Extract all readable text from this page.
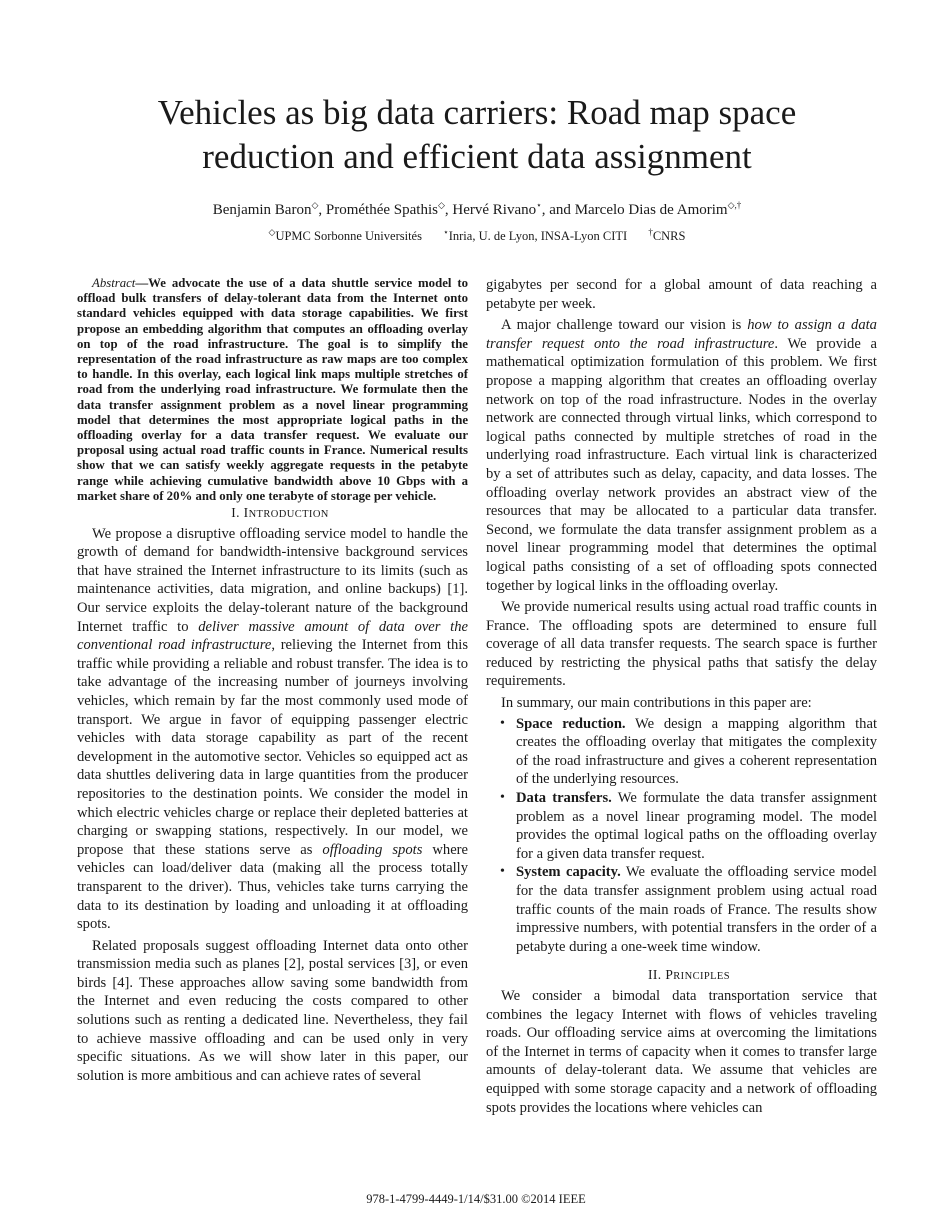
Vehicles as big data carriers: Road map space
reduction and efficient data assignment
Benjamin Baron◇, Prométhée Spathis◇, Hervé Rivano⋆, and Marcelo Dias de Amorim◇,†
◇UPMC Sorbonne Universités ⋆Inria, U. de Lyon, INSA-Lyon CITI †CNRS

Abstract—We advocate the use of a data shuttle service model to offload bulk transfers of delay-tolerant data from the Internet onto standard vehicles equipped with data storage capabilities. We first propose an embedding algorithm that computes an offloading overlay on top of the road infrastructure. The goal is to simplify the representation of the road infrastructure as raw maps are too complex to handle. In this overlay, each logical link maps multiple stretches of road from the underlying road infrastructure. We formulate then the data transfer assignment problem as a novel linear programming model that determines the most appropriate logical paths in the offloading overlay for a data transfer request. We evaluate our proposal using actual road traffic counts in France. Numerical results show that we can satisfy weekly aggregate requests in the petabyte range while achieving cumulative bandwidth above 10 Gbps with a market share of 20% and only one terabyte of storage per vehicle.

I. INTRODUCTION

We propose a disruptive offloading service model to handle the growth of demand for bandwidth-intensive background services that have strained the Internet infrastructure to its limits (such as maintenance activities, data migration, and online backups) [1]. Our service exploits the delay-tolerant nature of the background Internet traffic to deliver massive amount of data over the conventional road infrastructure, relieving the Internet from this traffic while providing a reliable and robust transfer. The idea is to take advantage of the increasing number of journeys involving vehicles, which remain by far the most commonly used mode of transport. We argue in favor of equipping passenger electric vehicles with data storage capability as part of the recent development in the automotive sector. Vehicles so equipped act as data shuttles delivering data in large quantities from the producer repositories to the destination points. We consider the model in which electric vehicles charge or replace their depleted batteries at charging or swapping stations, respectively. In our model, we propose that these stations serve as offloading spots where vehicles can load/deliver data (making all the process totally transparent to the driver). Thus, vehicles take turns carrying the data to its destination by loading and unloading it at offloading spots.

Related proposals suggest offloading Internet data onto other transmission media such as planes [2], postal services [3], or even birds [4]. These approaches allow saving some bandwidth from the Internet and even reducing the costs compared to other solutions such as renting a dedicated line. Nevertheless, they fail to achieve massive offloading and can be used only in very specific situations. As we will show later in this paper, our solution is more ambitious and can achieve rates of several

gigabytes per second for a global amount of data reaching a petabyte per week.

A major challenge toward our vision is how to assign a data transfer request onto the road infrastructure. We provide a mathematical optimization formulation of this problem. We first propose a mapping algorithm that creates an offloading overlay network on top of the road infrastructure. Nodes in the overlay network are connected through virtual links, which correspond to logical paths connected by multiple stretches of road in the underlying road infrastructure. Each virtual link is characterized by a set of attributes such as delay, capacity, and data losses. The offloading overlay network provides an abstract view of the resources that may be allocated to a particular data transfer. Second, we formulate the data transfer assignment problem as a novel linear programming model that determines the optimal logical paths consisting of a set of offloading spots connected together by logical links in the offloading overlay.

We provide numerical results using actual road traffic counts in France. The offloading spots are determined to ensure full coverage of all data transfer requests. The search space is further reduced by restricting the physical paths that satisfy the delay requirements.

In summary, our main contributions in this paper are:

• Space reduction. We design a mapping algorithm that creates the offloading overlay that mitigates the complexity of the road infrastructure and gives a coherent representation of the underlying resources.
• Data transfers. We formulate the data transfer assignment problem as a novel linear programing model. The model provides the optimal logical paths on the offloading overlay for a given data transfer request.
• System capacity. We evaluate the offloading service model for the data transfer assignment problem using actual road traffic counts of the main roads of France. The results show impressive numbers, with potential transfers in the order of a petabyte during a one-week time window.

II. PRINCIPLES

We consider a bimodal data transportation service that combines the legacy Internet with flows of vehicles traveling roads. Our offloading service aims at overcoming the limitations of the Internet in terms of capacity when it comes to transfer large amounts of delay-tolerant data. We assume that vehicles are equipped with some storage capacity and a network of offloading spots provides the locations where vehicles can

978-1-4799-4449-1/14/$31.00 ©2014 IEEE
